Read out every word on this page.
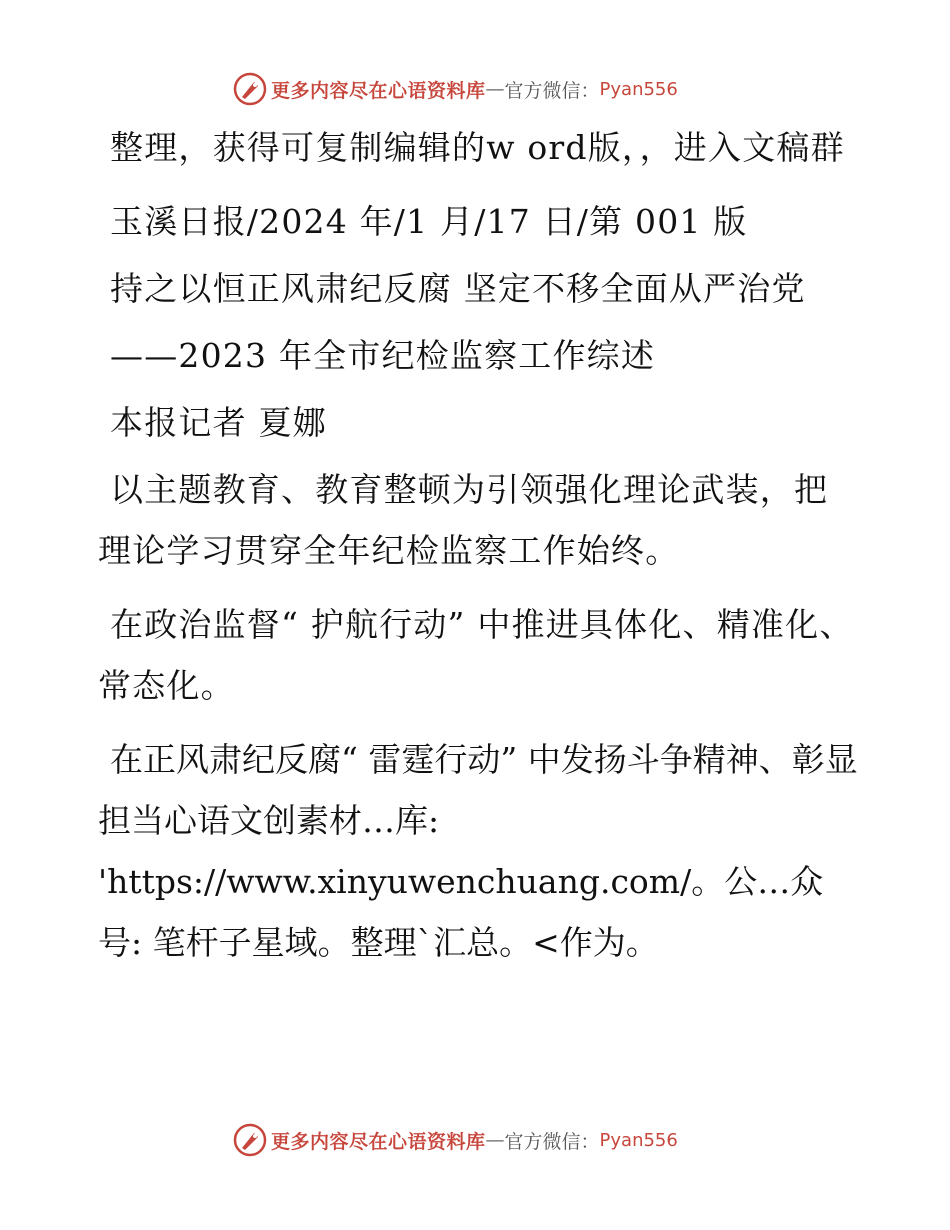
更多内容尽在心语资料库 — 官方微信： Pyan556

整理，获得可复制编辑的w ord版，，进入文稿群

玉溪日报/2024 年/1 月/17 日/第 001 版

持之以恒正风肃纪反腐 坚定不移全面从严治党

——2023 年全市纪检监察工作综述

本报记者 夏娜

以主题教育、教育整顿为引领强化理论武装，把理论学习贯穿全年纪检监察工作始终。

在政治监督“ 护航行动” 中推进具体化、精准化、常态化。

在正风肃纪反腐“ 雷霆行动” 中发扬斗争精神、彰显担当心语文创素材…库: 'https://www.xinyuwenchuang.com/。公…众号: 笔杆子星域。整理`汇总。<作为。

更多内容尽在心语资料库 — 官方微信： Pyan556
